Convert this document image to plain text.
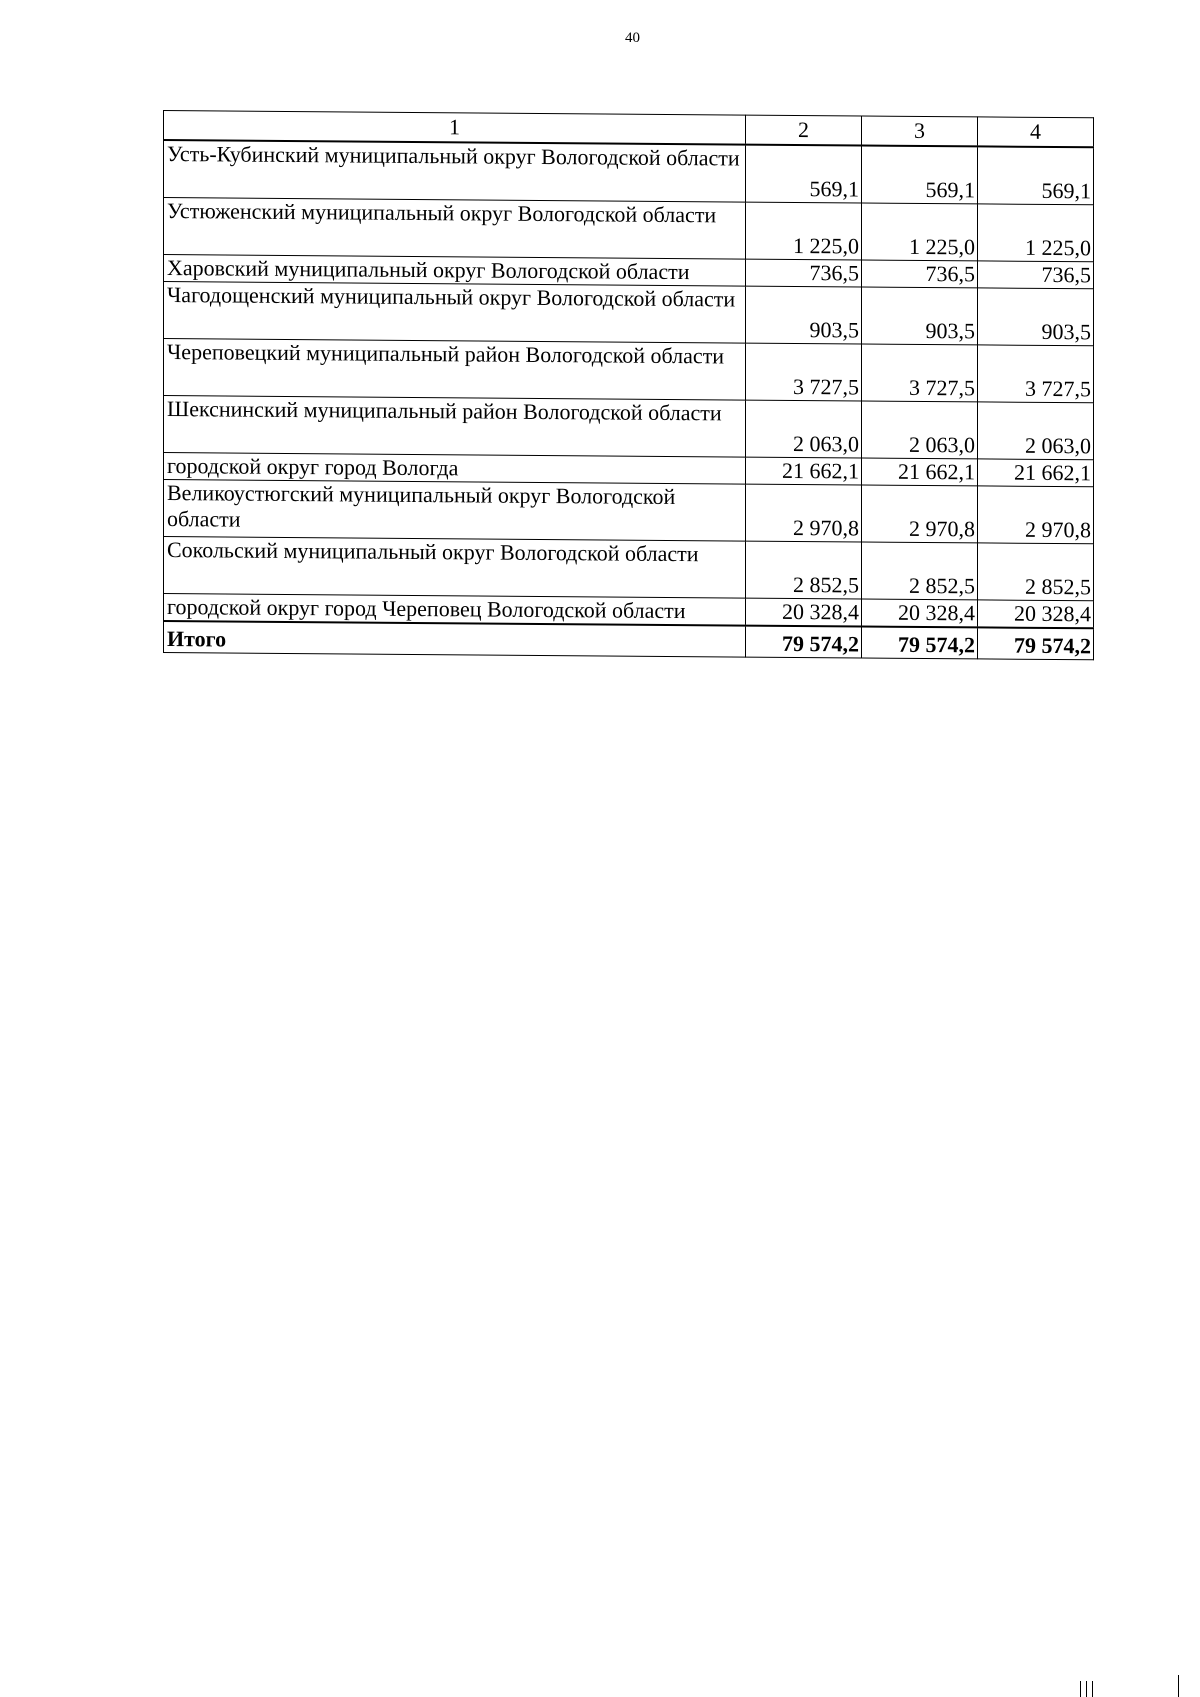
40
1	2	3	4
Усть-Кубинский муниципальный округ Вологодской области	569,1	569,1	569,1
Устюженский муниципальный округ Вологодской области	1 225,0	1 225,0	1 225,0
Харовский муниципальный округ Вологодской области	736,5	736,5	736,5
Чагодощенский муниципальный округ Вологодской области	903,5	903,5	903,5
Череповецкий муниципальный район Вологодской области	3 727,5	3 727,5	3 727,5
Шекснинский муниципальный район Вологодской области	2 063,0	2 063,0	2 063,0
городской округ город Вологда	21 662,1	21 662,1	21 662,1
Великоустюгский муниципальный округ Вологодской области	2 970,8	2 970,8	2 970,8
Сокольский муниципальный округ Вологодской области	2 852,5	2 852,5	2 852,5
городской округ город Череповец Вологодской области	20 328,4	20 328,4	20 328,4
Итого	79 574,2	79 574,2	79 574,2
